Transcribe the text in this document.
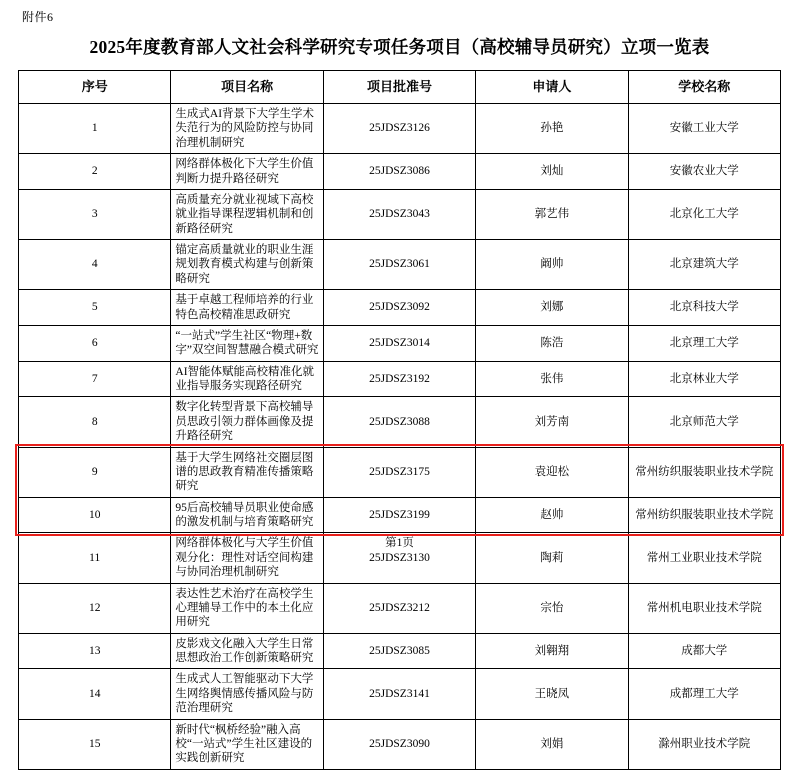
附件6
2025年度教育部人文社会科学研究专项任务项目（高校辅导员研究）立项一览表
序号	项目名称	项目批准号	申请人	学校名称
1	生成式AI背景下大学生学术失范行为的风险防控与协同治理机制研究	25JDSZ3126	孙艳	安徽工业大学
2	网络群体极化下大学生价值判断力提升路径研究	25JDSZ3086	刘灿	安徽农业大学
3	高质量充分就业视域下高校就业指导课程逻辑机制和创新路径研究	25JDSZ3043	郭艺伟	北京化工大学
4	锚定高质量就业的职业生涯规划教育模式构建与创新策略研究	25JDSZ3061	阚帅	北京建筑大学
5	基于卓越工程师培养的行业特色高校精准思政研究	25JDSZ3092	刘娜	北京科技大学
6	“一站式”学生社区“物理+数字”双空间智慧融合模式研究	25JDSZ3014	陈浩	北京理工大学
7	AI智能体赋能高校精准化就业指导服务实现路径研究	25JDSZ3192	张伟	北京林业大学
8	数字化转型背景下高校辅导员思政引领力群体画像及提升路径研究	25JDSZ3088	刘芳南	北京师范大学
9	基于大学生网络社交圈层图谱的思政教育精准传播策略研究	25JDSZ3175	袁迎松	常州纺织服装职业技术学院
10	95后高校辅导员职业使命感的激发机制与培育策略研究	25JDSZ3199	赵帅	常州纺织服装职业技术学院
11	网络群体极化与大学生价值观分化：理性对话空间构建与协同治理机制研究	25JDSZ3130	陶莉	常州工业职业技术学院
12	表达性艺术治疗在高校学生心理辅导工作中的本土化应用研究	25JDSZ3212	宗怡	常州机电职业技术学院
13	皮影戏文化融入大学生日常思想政治工作创新策略研究	25JDSZ3085	刘翱翔	成都大学
14	生成式人工智能驱动下大学生网络舆情感传播风险与防范治理研究	25JDSZ3141	王晓凤	成都理工大学
15	新时代“枫桥经验”融入高校“一站式”学生社区建设的实践创新研究	25JDSZ3090	刘娟	滁州职业技术学院
第1页
